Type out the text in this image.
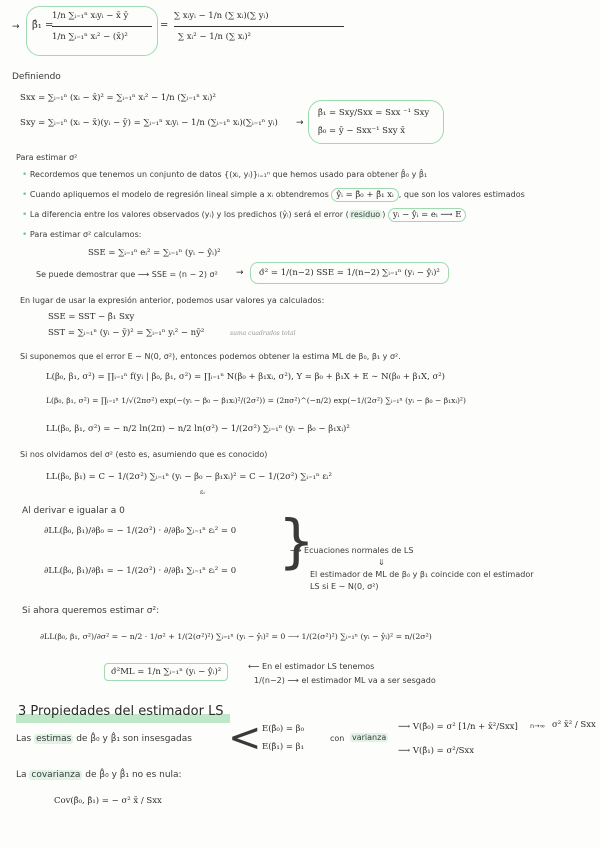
→ β̂₁ =
1/n ∑ᵢ₌₁ⁿ xᵢyᵢ − x̄ ȳ
1/n ∑ᵢ₌₁ⁿ xᵢ² − (x̄)²
=
∑ xᵢyᵢ − 1/n (∑ xᵢ)(∑ yᵢ)
∑ xᵢ² − 1/n (∑ xᵢ)²
Definiendo
Sxx = ∑ᵢ₌₁ⁿ (xᵢ − x̄)² = ∑ᵢ₌₁ⁿ xᵢ² − 1/n (∑ᵢ₌₁ⁿ xᵢ)²
Sxy = ∑ᵢ₌₁ⁿ (xᵢ − x̄)(yᵢ − ȳ) = ∑ᵢ₌₁ⁿ xᵢyᵢ − 1/n (∑ᵢ₌₁ⁿ xᵢ)(∑ᵢ₌₁ⁿ yᵢ) →
β̂₁ = Sxy/Sxx = Sxx ⁻¹ Sxy
β̂₀ = ȳ − Sxx⁻¹ Sxy x̄
Para estimar σ²
• Recordemos que tenemos un conjunto de datos {(xᵢ, yᵢ)}ᵢ₌₁ⁿ que hemos usado para obtener β̂₀ y β̂₁
• Cuando apliquemos el modelo de regresión lineal simple a xᵢ obtendremos ŷᵢ = β̂₀ + β̂₁ xᵢ , que son los valores estimados
• La diferencia entre los valores observados (yᵢ) y los predichos (ŷᵢ) será el error ( residuo ) yᵢ − ŷᵢ = eᵢ ⟶ E
• Para estimar σ² calculamos:
SSE = ∑ᵢ₌₁ⁿ eᵢ² = ∑ᵢ₌₁ⁿ (yᵢ − ŷᵢ)²
Se puede demostrar que ⟶ SSE = (n − 2) σ² →	σ̂² = 1/(n−2) SSE = 1/(n−2) ∑ᵢ₌₁ⁿ (yᵢ − ŷᵢ)²
En lugar de usar la expresión anterior, podemos usar valores ya calculados:
SSE = SST − β̂₁ Sxy
SST = ∑ᵢ₌₁ⁿ (yᵢ − ȳ)² = ∑ᵢ₌₁ⁿ yᵢ² − nȳ²	suma cuadrados total
Si suponemos que el error E ∼ N(0, σ²), entonces podemos obtener la estima ML de β₀, β₁ y σ².
L(β₀, β₁, σ²) = ∏ᵢ₌₁ⁿ f(yᵢ | β₀, β₁, σ²) = ∏ᵢ₌₁ⁿ N(β₀ + β₁xᵢ, σ²), Y = β₀ + β₁X + E ∼ N(β₀ + β₁X, σ²)
L(β₀, β₁, σ²) = ∏ᵢ₌₁ⁿ 1/√(2πσ²) exp(−(yᵢ − β₀ − β₁xᵢ)²/(2σ²)) = (2πσ²)^(−n/2) exp(−1/(2σ²) ∑ᵢ₌₁ⁿ (yᵢ − β₀ − β₁xᵢ)²)
LL(β₀, β₁, σ²) = − n/2 ln(2π) − n/2 ln(σ²) − 1/(2σ²) ∑ᵢ₌₁ⁿ (yᵢ − β₀ − β₁xᵢ)²
Si nos olvidamos del σ² (esto es, asumiendo que es conocido)
LL(β₀, β₁) = C − 1/(2σ²) ∑ᵢ₌₁ⁿ (yᵢ − β₀ − β₁xᵢ)² = C − 1/(2σ²) ∑ᵢ₌₁ⁿ εᵢ²
εᵢ
Al derivar e igualar a 0
∂LL(β₀, β₁)/∂β₀ = − 1/(2σ²) · ∂/∂β₀ ∑ᵢ₌₁ⁿ εᵢ² = 0
∂LL(β₀, β₁)/∂β₁ = − 1/(2σ²) · ∂/∂β₁ ∑ᵢ₌₁ⁿ εᵢ² = 0 }
⟶ Ecuaciones normales de LS
⇓
El estimador de ML de β₀ y β₁ coincide con el estimador
LS si E ∼ N(0, σ²)
Si ahora queremos estimar σ²:
∂LL(β₀, β₁, σ²)/∂σ² = − n/2 · 1/σ² + 1/(2(σ²)²) ∑ᵢ₌₁ⁿ (yᵢ − ŷᵢ)² = 0 ⟶ 1/(2(σ²)²) ∑ᵢ₌₁ⁿ (yᵢ − ŷᵢ)² = n/(2σ²)
σ̂²ML = 1/n ∑ᵢ₌₁ⁿ (yᵢ − ŷᵢ)²
⟵ En el estimador LS tenemos
1/(n−2) ⟶ el estimador ML va a ser sesgado
3 Propiedades del estimador LS
Las estimas de β̂₀ y β̂₁ son insesgadas < E(β̂₀) = β₀
E(β̂₁) = β₁
con varianza
⟶ V(β̂₀) = σ² [1/n + x̄²/Sxx] n→∞ σ² x̄² / Sxx
⟶ V(β̂₁) = σ²/Sxx
La covarianza de β̂₀ y β̂₁ no es nula:
Cov(β̂₀, β̂₁) = − σ² x̄ / Sxx
